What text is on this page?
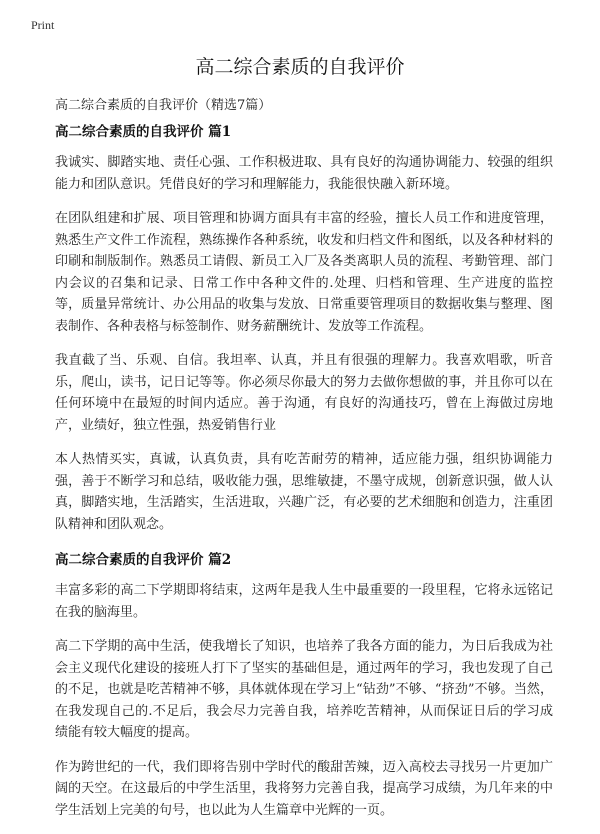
Print
高二综合素质的自我评价

高二综合素质的自我评价（精选7篇）

高二综合素质的自我评价 篇1

我诚实、脚踏实地、责任心强、工作积极进取、具有良好的沟通协调能力、较强的组织能力和团队意识。凭借良好的学习和理解能力，我能很快融入新环境。

在团队组建和扩展、项目管理和协调方面具有丰富的经验，擅长人员工作和进度管理，熟悉生产文件工作流程，熟练操作各种系统，收发和归档文件和图纸，以及各种材料的印刷和制版制作。熟悉员工请假、新员工入厂及各类离职人员的流程、考勤管理、部门内会议的召集和记录、日常工作中各种文件的.处理、归档和管理、生产进度的监控等，质量异常统计、办公用品的收集与发放、日常重要管理项目的数据收集与整理、图表制作、各种表格与标签制作、财务薪酬统计、发放等工作流程。

我直截了当、乐观、自信。我坦率、认真，并且有很强的理解力。我喜欢唱歌，听音乐，爬山，读书，记日记等等。你必须尽你最大的努力去做你想做的事，并且你可以在任何环境中在最短的时间内适应。善于沟通，有良好的沟通技巧，曾在上海做过房地产，业绩好，独立性强，热爱销售行业

本人热情买实，真诚，认真负责，具有吃苦耐劳的精神，适应能力强，组织协调能力强，善于不断学习和总结，吸收能力强，思维敏捷，不墨守成规，创新意识强，做人认真，脚踏实地，生活踏实，生活进取，兴趣广泛，有必要的艺术细胞和创造力，注重团队精神和团队观念。

高二综合素质的自我评价 篇2

丰富多彩的高二下学期即将结束，这两年是我人生中最重要的一段里程，它将永远铭记在我的脑海里。

高二下学期的高中生活，使我增长了知识，也培养了我各方面的能力，为日后我成为社会主义现代化建设的接班人打下了坚实的基础但是，通过两年的学习，我也发现了自己的不足，也就是吃苦精神不够，具体就体现在学习上“钻劲”不够、“挤劲”不够。当然，在我发现自己的.不足后，我会尽力完善自我，培养吃苦精神，从而保证日后的学习成绩能有较大幅度的提高。

作为跨世纪的一代，我们即将告别中学时代的酸甜苦辣，迈入高校去寻找另一片更加广阔的天空。在这最后的中学生活里，我将努力完善自我，提高学习成绩，为几年来的中学生活划上完美的句号，也以此为人生篇章中光辉的一页。
